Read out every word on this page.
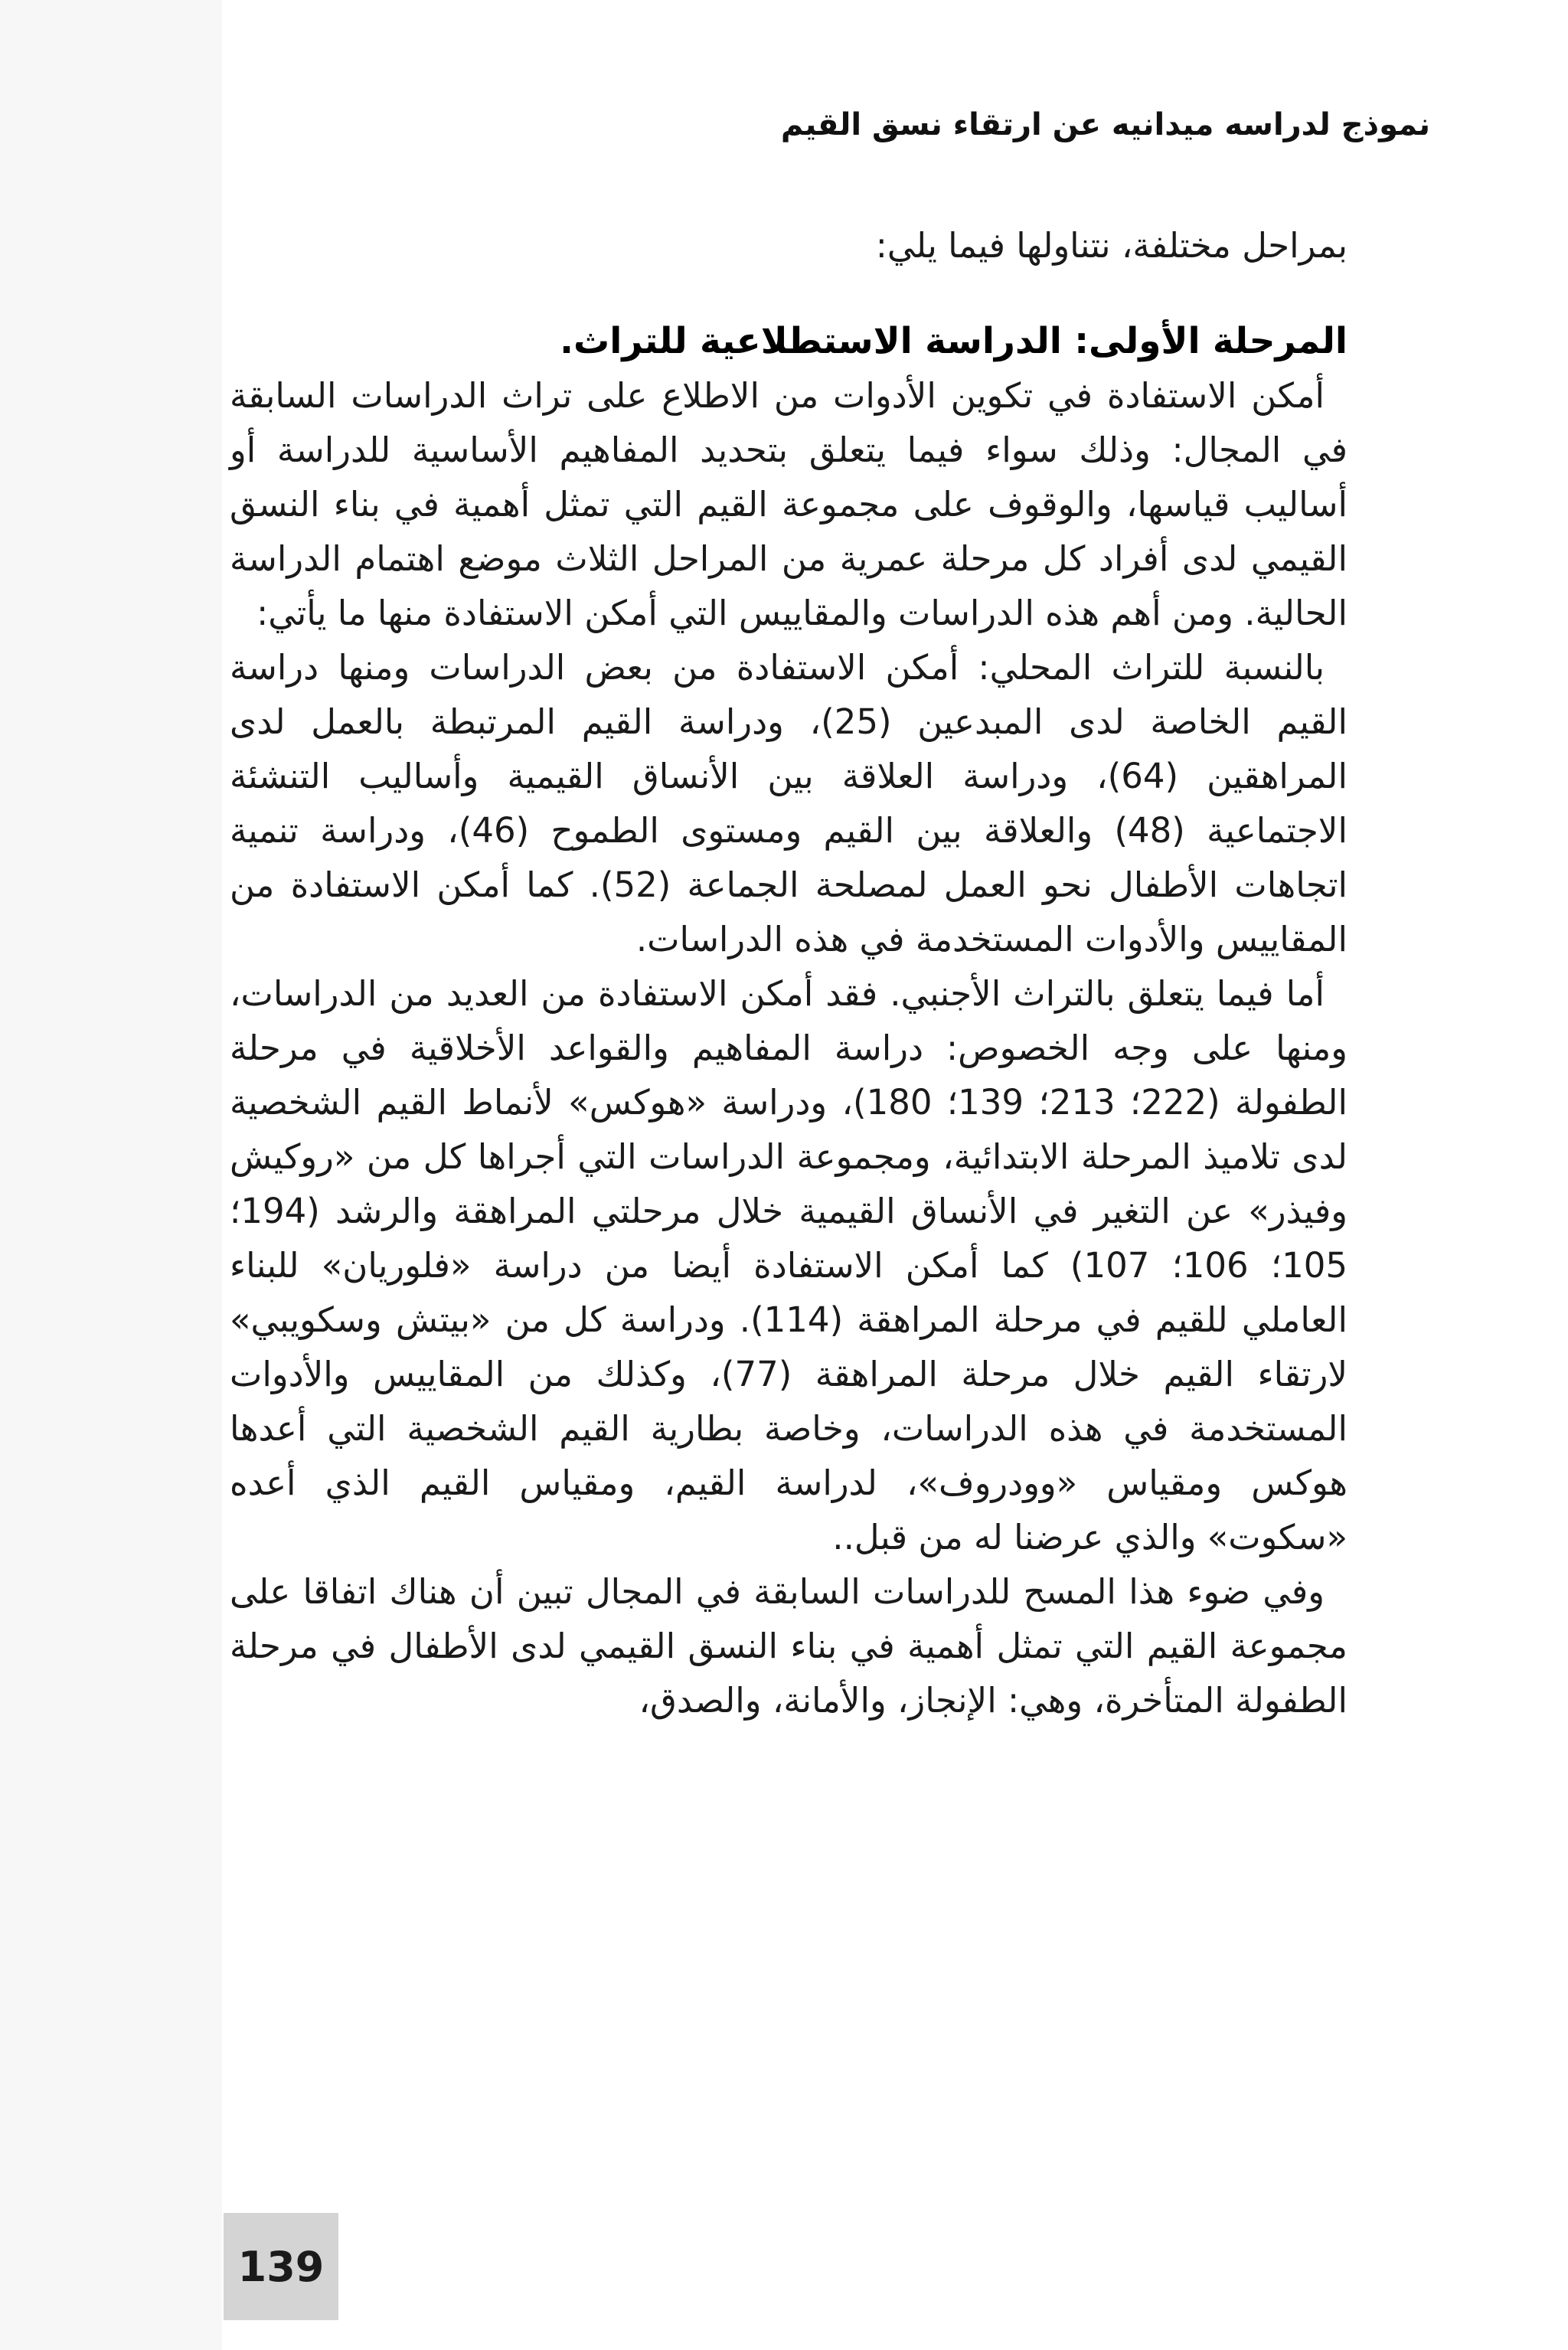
نموذج لدراسه ميدانيه عن ارتقاء نسق القيم

بمراحل مختلفة، نتناولها فيما يلي:

المرحلة الأولى: الدراسة الاستطلاعية للتراث.

أمكن الاستفادة في تكوين الأدوات من الاطلاع على تراث الدراسات السابقة في المجال: وذلك سواء فيما يتعلق بتحديد المفاهيم الأساسية للدراسة أو أساليب قياسها، والوقوف على مجموعة القيم التي تمثل أهمية في بناء النسق القيمي لدى أفراد كل مرحلة عمرية من المراحل الثلاث موضع اهتمام الدراسة الحالية. ومن أهم هذه الدراسات والمقاييس التي أمكن الاستفادة منها ما يأتي:

بالنسبة للتراث المحلي: أمكن الاستفادة من بعض الدراسات ومنها دراسة القيم الخاصة لدى المبدعين (25)، ودراسة القيم المرتبطة بالعمل لدى المراهقين (64)، ودراسة العلاقة بين الأنساق القيمية وأساليب التنشئة الاجتماعية (48) والعلاقة بين القيم ومستوى الطموح (46)، ودراسة تنمية اتجاهات الأطفال نحو العمل لمصلحة الجماعة (52). كما أمكن الاستفادة من المقاييس والأدوات المستخدمة في هذه الدراسات.

أما فيما يتعلق بالتراث الأجنبي. فقد أمكن الاستفادة من العديد من الدراسات، ومنها على وجه الخصوص: دراسة المفاهيم والقواعد الأخلاقية في مرحلة الطفولة (222؛ 213؛ 139؛ 180)، ودراسة «هوكس» لأنماط القيم الشخصية لدى تلاميذ المرحلة الابتدائية، ومجموعة الدراسات التي أجراها كل من «روكيش وفيذر» عن التغير في الأنساق القيمية خلال مرحلتي المراهقة والرشد (194؛ 105؛ 106؛ 107) كما أمكن الاستفادة أيضا من دراسة «فلوريان» للبناء العاملي للقيم في مرحلة المراهقة (114). ودراسة كل من «بيتش وسكويبي» لارتقاء القيم خلال مرحلة المراهقة (77)، وكذلك من المقاييس والأدوات المستخدمة في هذه الدراسات، وخاصة بطارية القيم الشخصية التي أعدها هوكس ومقياس «وودروف»، لدراسة القيم، ومقياس القيم الذي أعده «سكوت» والذي عرضنا له من قبل..

وفي ضوء هذا المسح للدراسات السابقة في المجال تبين أن هناك اتفاقا على مجموعة القيم التي تمثل أهمية في بناء النسق القيمي لدى الأطفال في مرحلة الطفولة المتأخرة، وهي: الإنجاز، والأمانة، والصدق،

139
